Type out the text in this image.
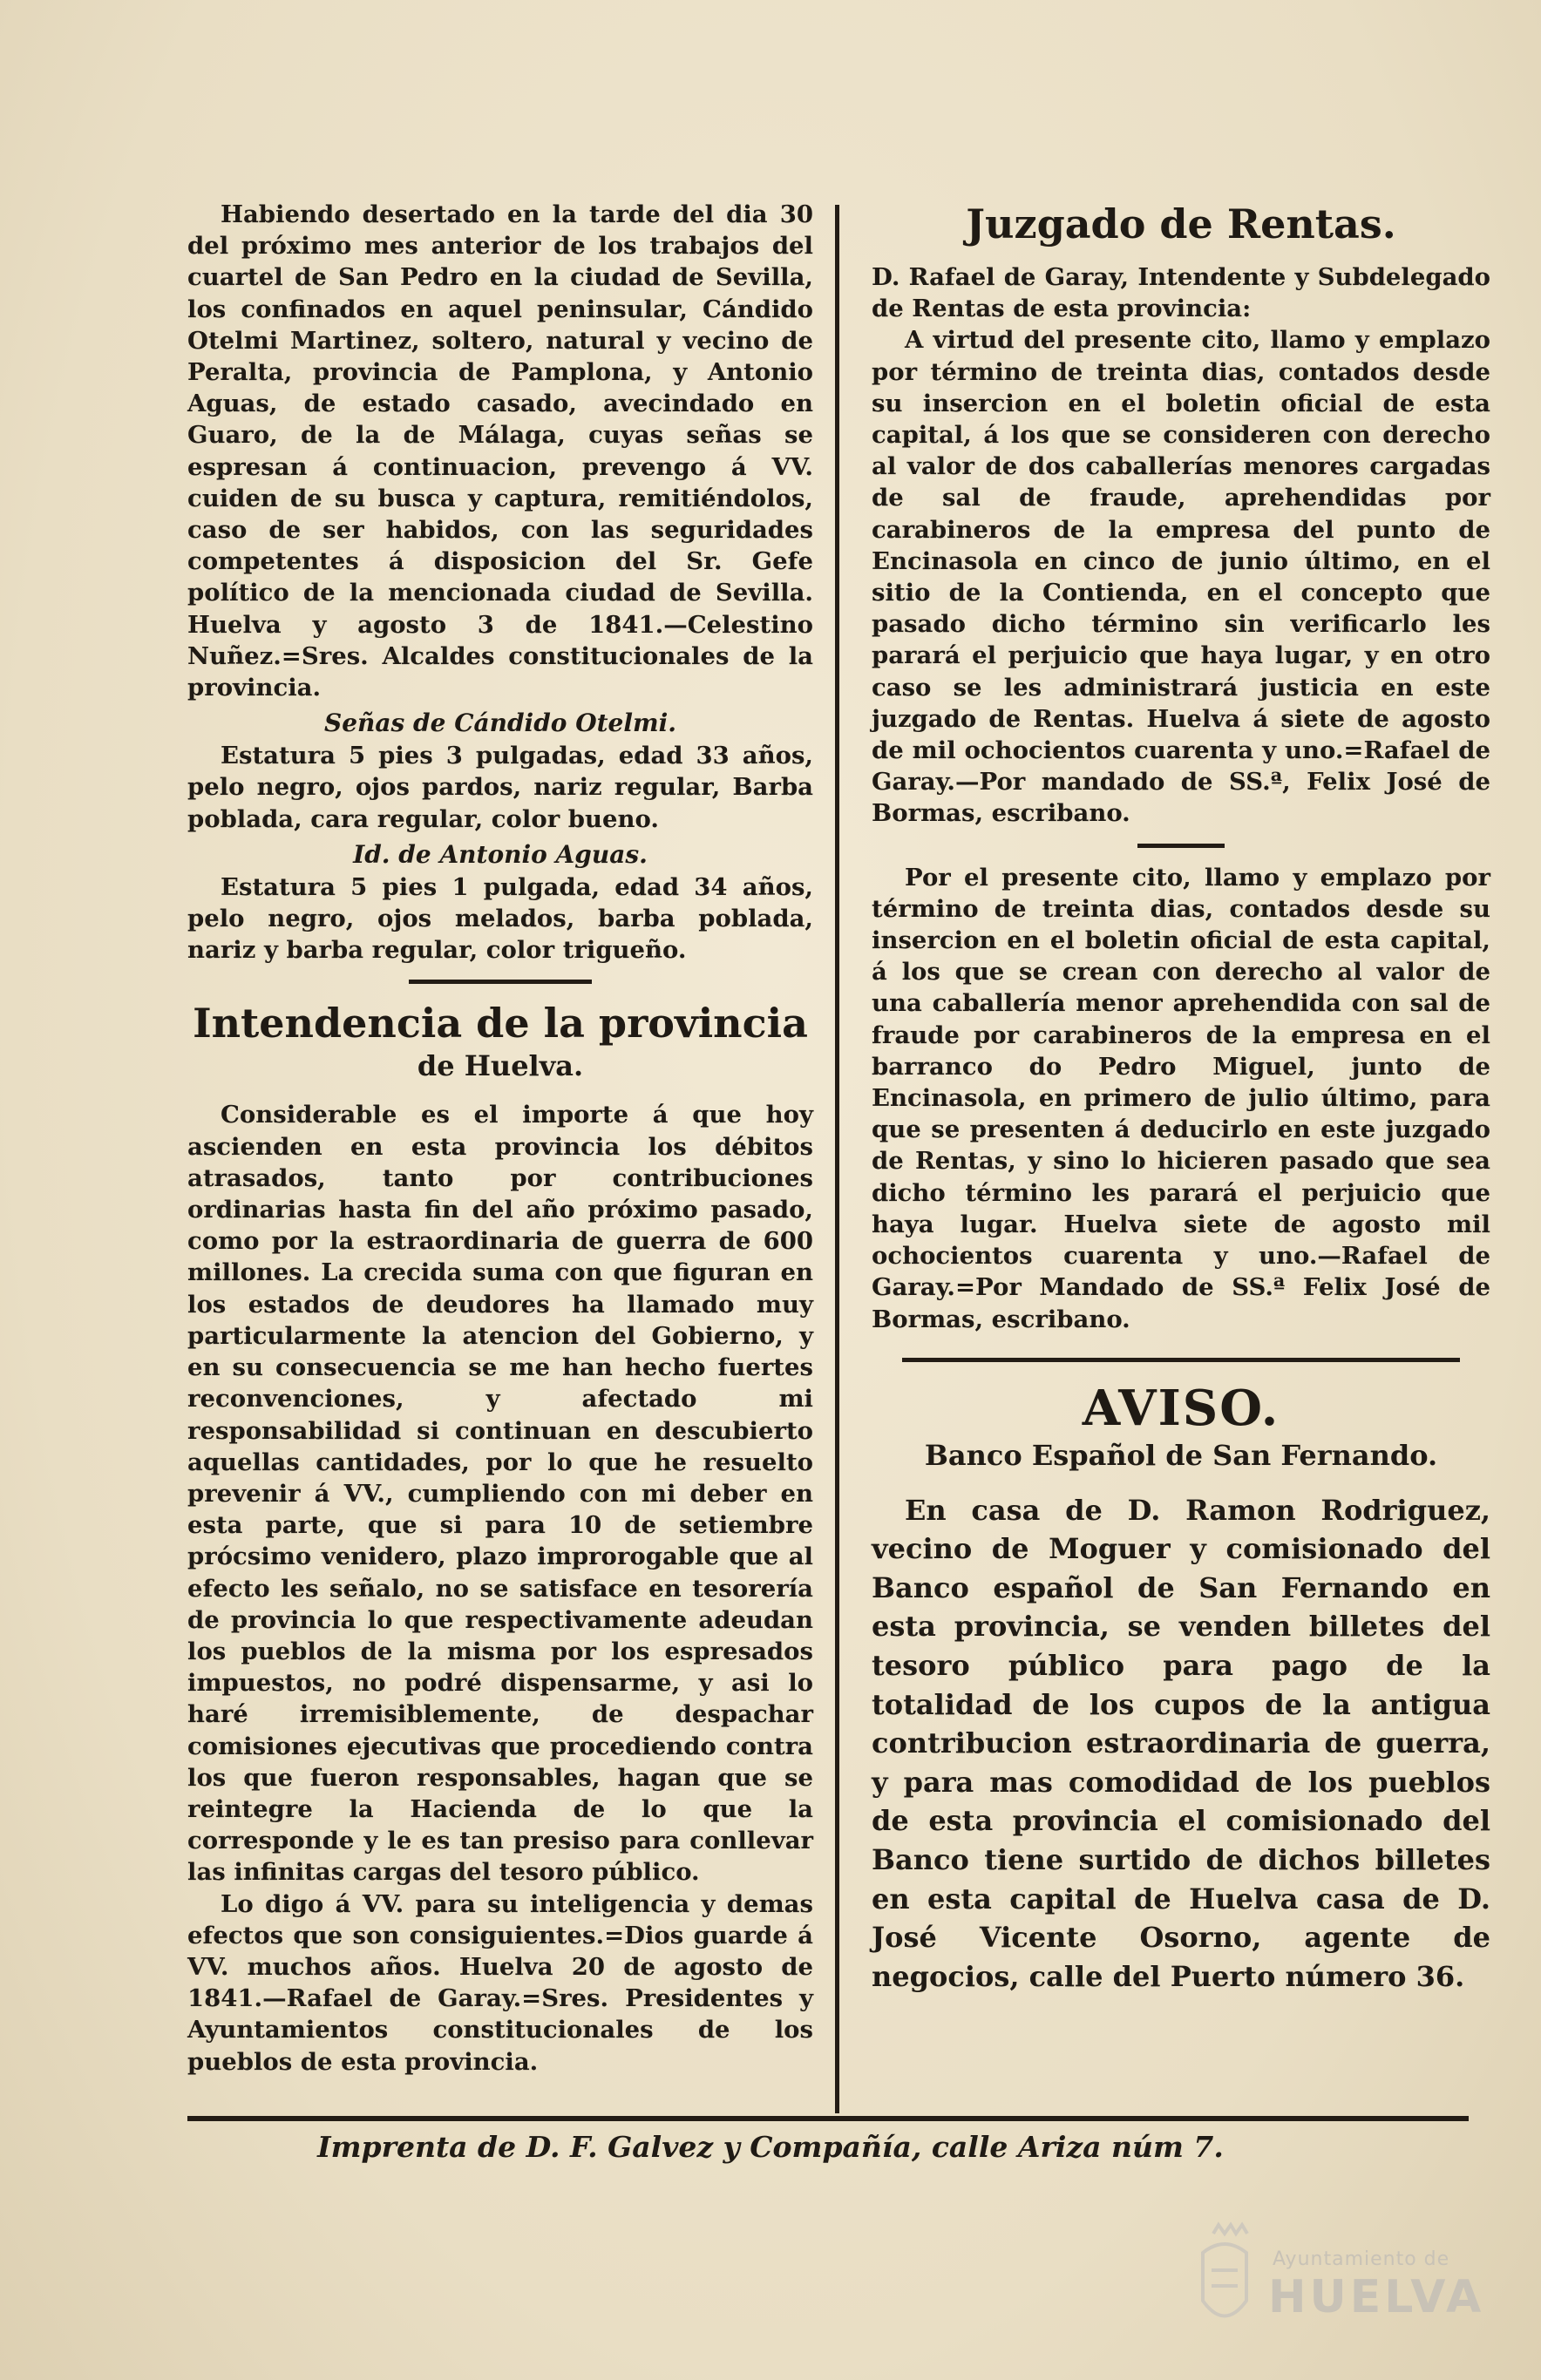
Habiendo desertado en la tarde del dia 30 del próximo mes anterior de los trabajos del cuartel de San Pedro en la ciudad de Sevilla, los confinados en aquel peninsular, Cándido Otelmi Martinez, soltero, natural y vecino de Peralta, provincia de Pamplona, y Antonio Aguas, de estado casado, avecindado en Guaro, de la de Málaga, cuyas señas se espresan á continuacion, prevengo á VV. cuiden de su busca y captura, remitiéndolos, caso de ser habidos, con las seguridades competentes á disposicion del Sr. Gefe político de la mencionada ciudad de Sevilla. Huelva y agosto 3 de 1841.—Celestino Nuñez.=Sres. Alcaldes constitucionales de la provincia.

Señas de Cándido Otelmi.

Estatura 5 pies 3 pulgadas, edad 33 años, pelo negro, ojos pardos, nariz regular, Barba poblada, cara regular, color bueno.

Id. de Antonio Aguas.

Estatura 5 pies 1 pulgada, edad 34 años, pelo negro, ojos melados, barba poblada, nariz y barba regular, color trigueño.

Intendencia de la provincia

de Huelva.

Considerable es el importe á que hoy ascienden en esta provincia los débitos atrasados, tanto por contribuciones ordinarias hasta fin del año próximo pasado, como por la estraordinaria de guerra de 600 millones. La crecida suma con que figuran en los estados de deudores ha llamado muy particularmente la atencion del Gobierno, y en su consecuencia se me han hecho fuertes reconvenciones, y afectado mi responsabilidad si continuan en descubierto aquellas cantidades, por lo que he resuelto prevenir á VV., cumpliendo con mi deber en esta parte, que si para 10 de setiembre prócsimo venidero, plazo improrogable que al efecto les señalo, no se satisface en tesorería de provincia lo que respectivamente adeudan los pueblos de la misma por los espresados impuestos, no podré dispensarme, y asi lo haré irremisiblemente, de despachar comisiones ejecutivas que procediendo contra los que fueron responsables, hagan que se reintegre la Hacienda de lo que la corresponde y le es tan presiso para conllevar las infinitas cargas del tesoro público.

Lo digo á VV. para su inteligencia y demas efectos que son consiguientes.=Dios guarde á VV. muchos años. Huelva 20 de agosto de 1841.—Rafael de Garay.=Sres. Presidentes y Ayuntamientos constitucionales de los pueblos de esta provincia.

Juzgado de Rentas.

D. Rafael de Garay, Intendente y Subdelegado de Rentas de esta provincia:

A virtud del presente cito, llamo y emplazo por término de treinta dias, contados desde su insercion en el boletin oficial de esta capital, á los que se consideren con derecho al valor de dos caballerías menores cargadas de sal de fraude, aprehendidas por carabineros de la empresa del punto de Encinasola en cinco de junio último, en el sitio de la Contienda, en el concepto que pasado dicho término sin verificarlo les parará el perjuicio que haya lugar, y en otro caso se les administrará justicia en este juzgado de Rentas. Huelva á siete de agosto de mil ochocientos cuarenta y uno.=Rafael de Garay.—Por mandado de SS.ª, Felix José de Bormas, escribano.

Por el presente cito, llamo y emplazo por término de treinta dias, contados desde su insercion en el boletin oficial de esta capital, á los que se crean con derecho al valor de una caballería menor aprehendida con sal de fraude por carabineros de la empresa en el barranco do Pedro Miguel, junto de Encinasola, en primero de julio último, para que se presenten á deducirlo en este juzgado de Rentas, y sino lo hicieren pasado que sea dicho término les parará el perjuicio que haya lugar. Huelva siete de agosto mil ochocientos cuarenta y uno.—Rafael de Garay.=Por Mandado de SS.ª Felix José de Bormas, escribano.

AVISO.

Banco Español de San Fernando.

En casa de D. Ramon Rodriguez, vecino de Moguer y comisionado del Banco español de San Fernando en esta provincia, se venden billetes del tesoro público para pago de la totalidad de los cupos de la antigua contribucion estraordinaria de guerra, y para mas comodidad de los pueblos de esta provincia el comisionado del Banco tiene surtido de dichos billetes en esta capital de Huelva casa de D. José Vicente Osorno, agente de negocios, calle del Puerto número 36.

Imprenta de D. F. Galvez y Compañía, calle Ariza núm 7.

Ayuntamiento de
HUELVA
